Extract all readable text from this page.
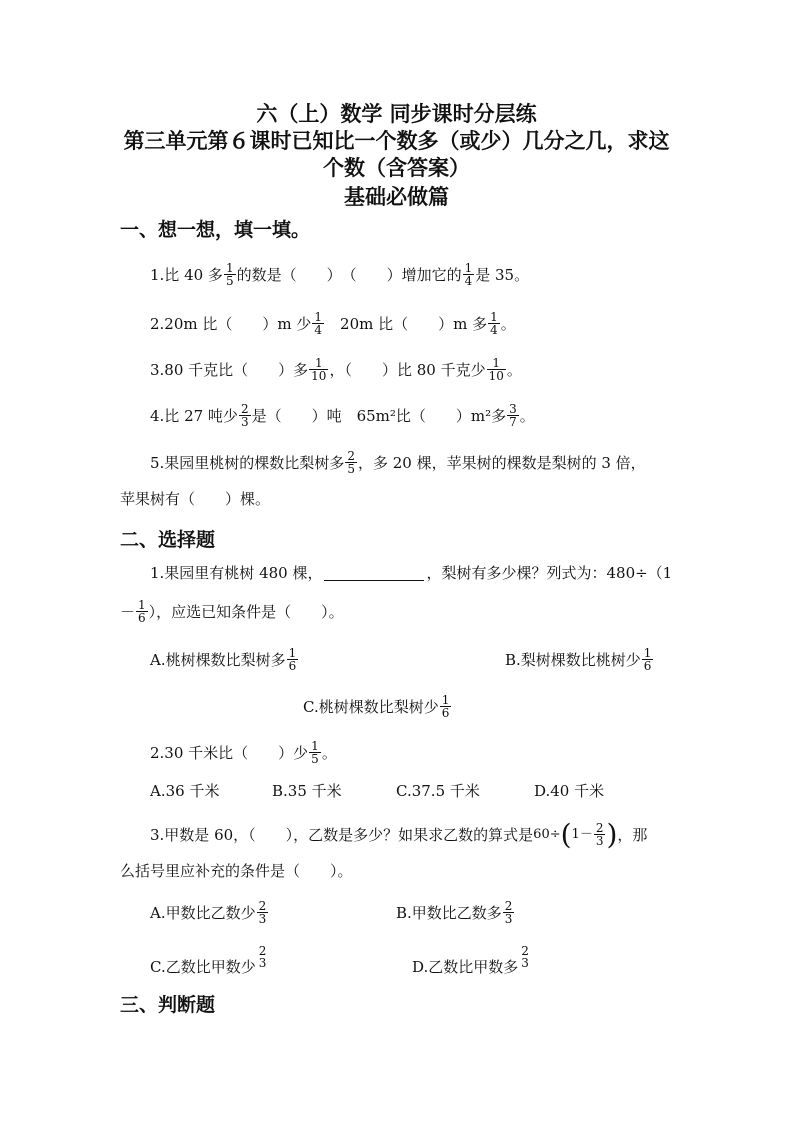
六（上）数学 同步课时分层练
第三单元第６课时已知比一个数多（或少）几分之几，求这
个数（含答案）
基础必做篇
一、想一想，填一填。
1.比 40 多 $\frac{1}{5}$ 的数是（　　）　（　　）增加它的 $\frac{1}{4}$ 是 35。
2.20m 比（　　）m 少 $\frac{1}{4}$ 　20m 比（　　）m 多 $\frac{1}{4}$ 。
3.80 千克比（　　）多 $\frac{1}{10}$ ，（　　）比 80 千克少 $\frac{1}{10}$ 。
4.比 27 吨少 $\frac{2}{3}$ 是（　　）吨　65m²比（　　）m²多 $\frac{3}{7}$ 。
5.果园里桃树的棵数比梨树多 $\frac{2}{5}$ ，多 20 棵，苹果树的棵数是梨树的 3 倍，
苹果树有（　　）棵。
二、选择题
1.果园里有桃树 480 棵，	，梨树有多少棵？列式为：480÷（1
－ $\frac{1}{6}$ ），应选已知条件是（　　）。
A.桃树棵数比梨树多 $\frac{1}{6}$	B.梨树棵数比桃树少 $\frac{1}{6}$
C.桃树棵数比梨树少 $\frac{1}{6}$
2.30 千米比（　　）少 $\frac{1}{5}$ 。
A.36 千米	B.35 千米	C.37.5 千米	D.40 千米
3.甲数是 60，（　　），乙数是多少？如果求乙数的算式是 60÷ ( $1- \frac{2}{3}$ ) ，那
么括号里应补充的条件是（　　）。
A.甲数比乙数少 $\frac{2}{3}$	B.甲数比乙数多 $\frac{2}{3}$
C.乙数比甲数少
2
3	D.乙数比甲数多
2
3
三、判断题
